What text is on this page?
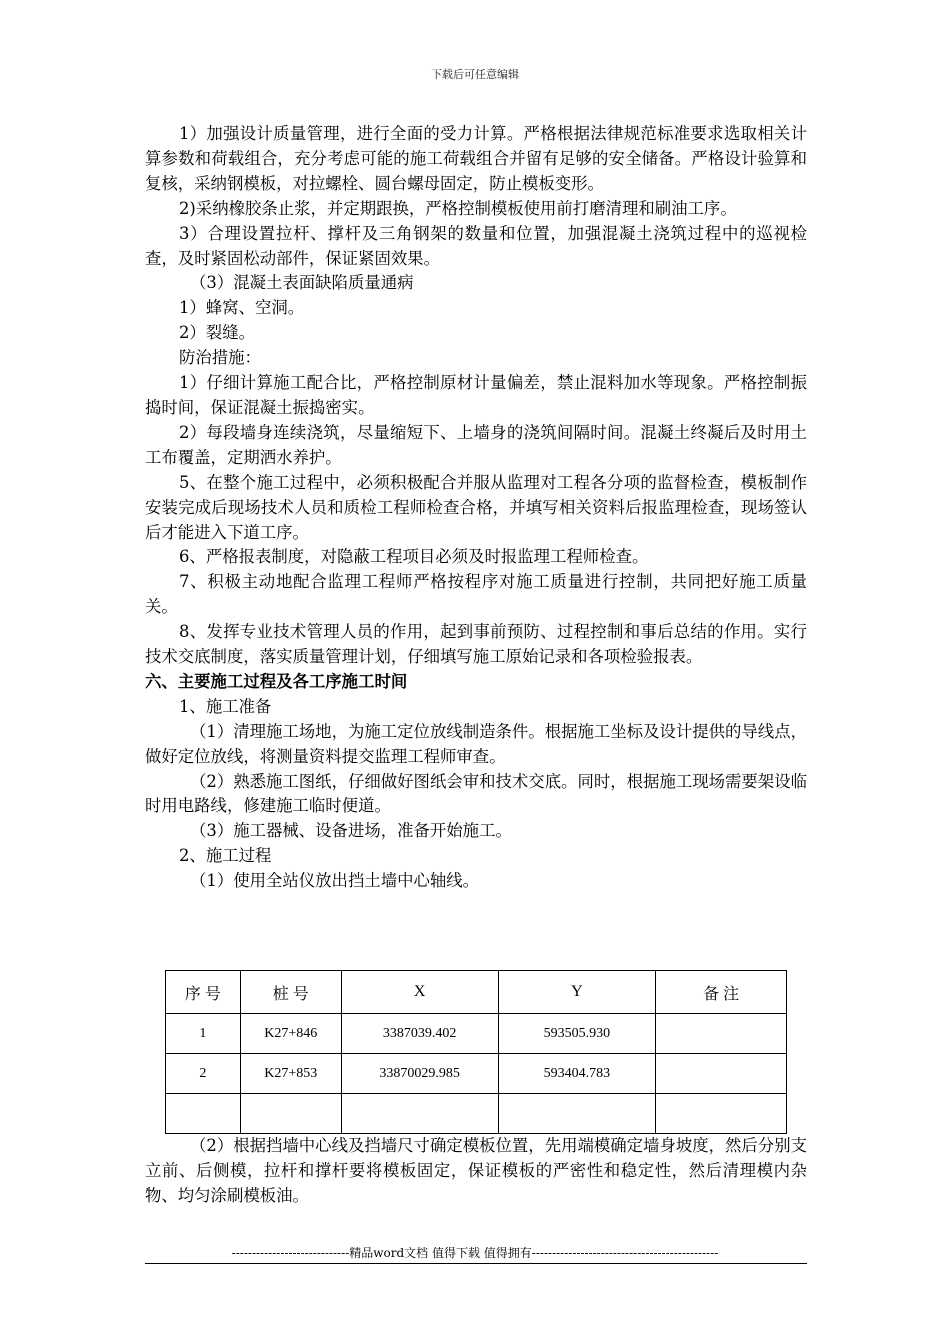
下载后可任意编辑

1）加强设计质量管理，进行全面的受力计算。严格根据法律规范标准要求选取相关计算参数和荷载组合，充分考虑可能的施工荷载组合并留有足够的安全储备。严格设计验算和复核，采纳钢模板，对拉螺栓、圆台螺母固定，防止模板变形。

2)采纳橡胶条止浆，并定期跟换，严格控制模板使用前打磨清理和刷油工序。

3）合理设置拉杆、撑杆及三角钢架的数量和位置，加强混凝土浇筑过程中的巡视检查，及时紧固松动部件，保证紧固效果。

（3）混凝土表面缺陷质量通病

1）蜂窝、空洞。

2）裂缝。

防治措施：

1）仔细计算施工配合比，严格控制原材计量偏差，禁止混料加水等现象。严格控制振捣时间，保证混凝土振捣密实。

2）每段墙身连续浇筑，尽量缩短下、上墙身的浇筑间隔时间。混凝土终凝后及时用土工布覆盖，定期洒水养护。

5、在整个施工过程中，必须积极配合并服从监理对工程各分项的监督检查，模板制作安装完成后现场技术人员和质检工程师检查合格，并填写相关资料后报监理检查，现场签认后才能进入下道工序。

6、严格报表制度，对隐蔽工程项目必须及时报监理工程师检查。

7、积极主动地配合监理工程师严格按程序对施工质量进行控制，共同把好施工质量关。

8、发挥专业技术管理人员的作用，起到事前预防、过程控制和事后总结的作用。实行技术交底制度，落实质量管理计划，仔细填写施工原始记录和各项检验报表。

六、主要施工过程及各工序施工时间

1、施工准备

（1）清理施工场地，为施工定位放线制造条件。根据施工坐标及设计提供的导线点，做好定位放线，将测量资料提交监理工程师审查。

（2）熟悉施工图纸，仔细做好图纸会审和技术交底。同时，根据施工现场需要架设临时用电路线，修建施工临时便道。

（3）施工器械、设备进场，准备开始施工。

2、施工过程

（1）使用全站仪放出挡土墙中心轴线。

序 号	桩 号	X	Y	备 注
1	K27+846	3387039.402	593505.930	
2	K27+853	33870029.985	593404.783	

（2）根据挡墙中心线及挡墙尺寸确定模板位置，先用端模确定墙身坡度，然后分别支立前、后侧模，拉杆和撑杆要将模板固定，保证模板的严密性和稳定性，然后清理模内杂物、均匀涂刷模板油。

-----------------------------精品word文档 值得下载 值得拥有----------------------------------------------
